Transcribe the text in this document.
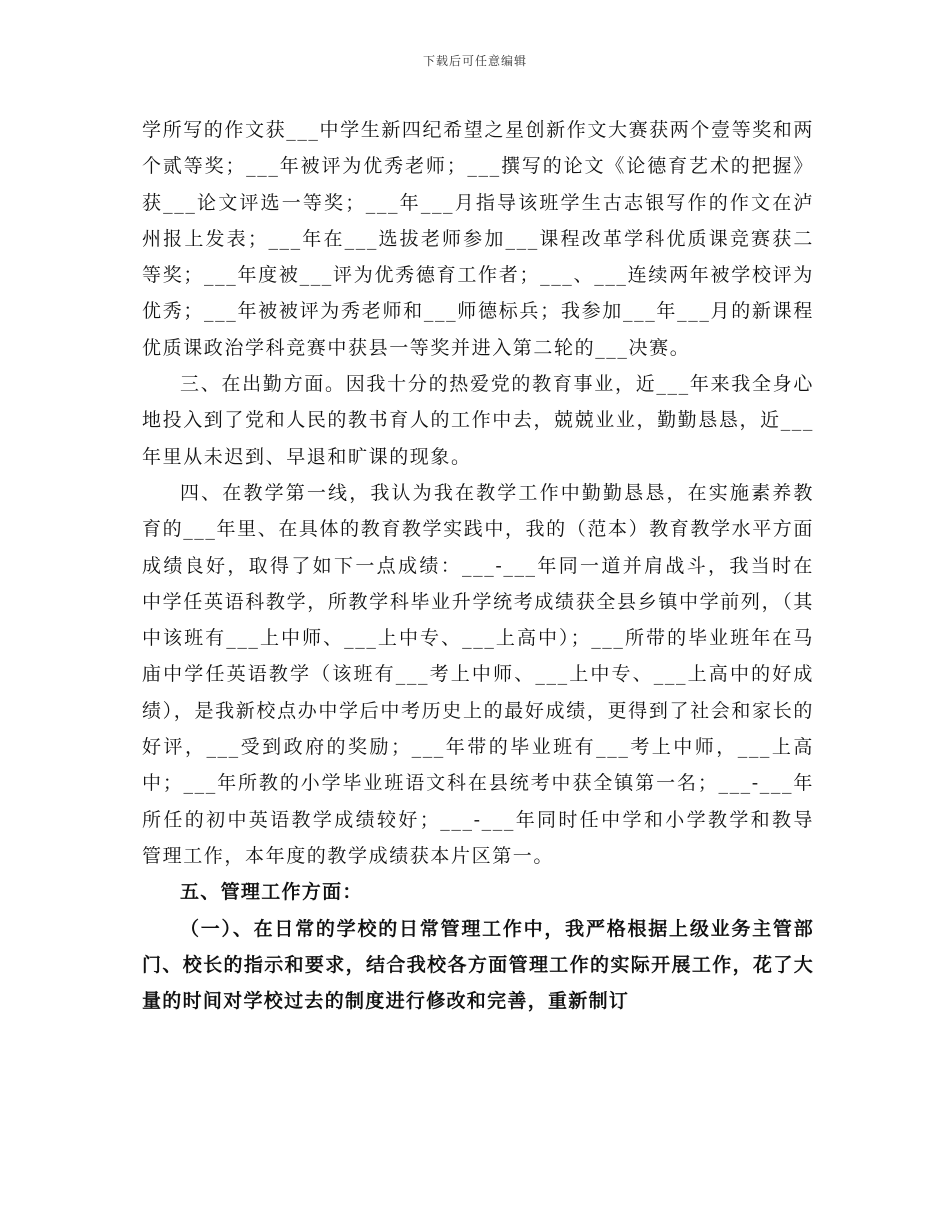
下载后可任意编辑

学所写的作文获___中学生新四纪希望之星创新作文大赛获两个壹等奖和两个贰等奖；___年被评为优秀老师；___撰写的论文《论德育艺术的把握》获___论文评选一等奖；___年___月指导该班学生古志银写作的作文在泸州报上发表；___年在___选拔老师参加___课程改革学科优质课竞赛获二等奖；___年度被___评为优秀德育工作者；___、___连续两年被学校评为优秀；___年被被评为秀老师和___师德标兵；我参加___年___月的新课程优质课政治学科竞赛中获县一等奖并进入第二轮的___决赛。

三、在出勤方面。因我十分的热爱党的教育事业，近___年来我全身心地投入到了党和人民的教书育人的工作中去，兢兢业业，勤勤恳恳，近___年里从未迟到、早退和旷课的现象。

四、在教学第一线，我认为我在教学工作中勤勤恳恳，在实施素养教育的___年里、在具体的教育教学实践中，我的（范本）教育教学水平方面成绩良好，取得了如下一点成绩：___-___年同一道并肩战斗，我当时在中学任英语科教学，所教学科毕业升学统考成绩获全县乡镇中学前列，（其中该班有___上中师、___上中专、___上高中）；___所带的毕业班年在马庙中学任英语教学（该班有___考上中师、___上中专、___上高中的好成绩），是我新校点办中学后中考历史上的最好成绩，更得到了社会和家长的好评，___受到政府的奖励；___年带的毕业班有___考上中师，___上高中；___年所教的小学毕业班语文科在县统考中获全镇第一名；___-___年所任的初中英语教学成绩较好；___-___年同时任中学和小学教学和教导管理工作，本年度的教学成绩获本片区第一。

五、管理工作方面：

（一）、在日常的学校的日常管理工作中，我严格根据上级业务主管部门、校长的指示和要求，结合我校各方面管理工作的实际开展工作，花了大量的时间对学校过去的制度进行修改和完善，重新制订
